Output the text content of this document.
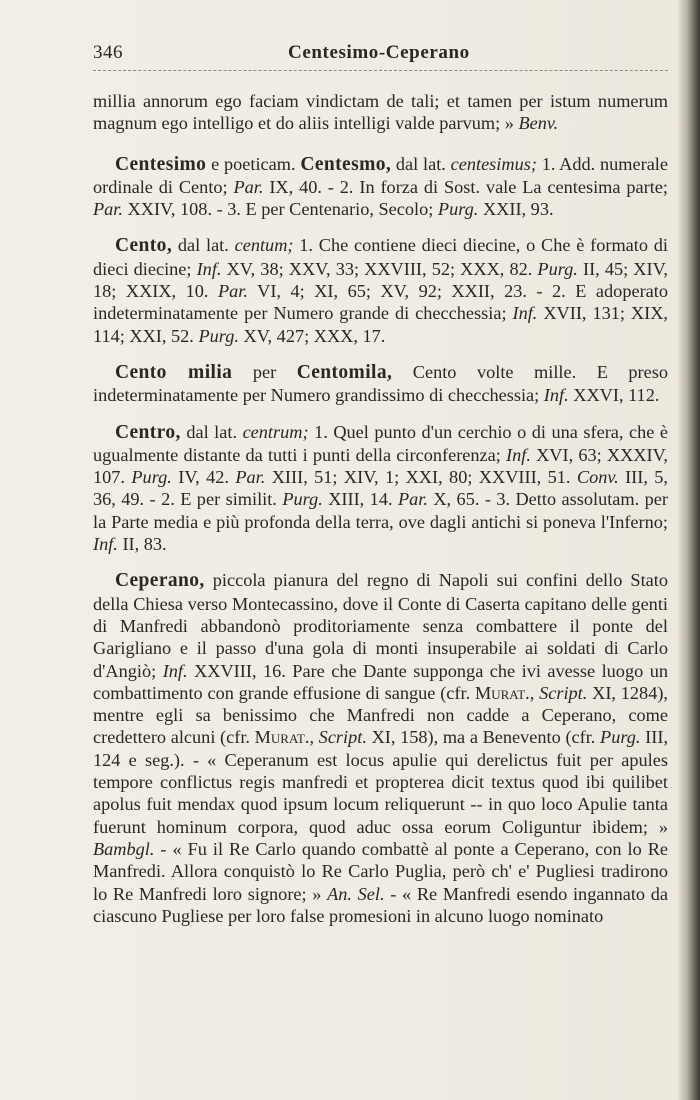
346	Centesimo-Ceperano

millia annorum ego faciam vindictam de tali; et tamen per istum numerum magnum ego intelligo et do aliis intelligi valde parvum; » Benv.

Centesimo e poeticam. Centesmo, dal lat. centesimus; 1. Add. numerale ordinale di Cento; Par. IX, 40. - 2. In forza di Sost. vale La centesima parte; Par. XXIV, 108. - 3. E per Centenario, Secolo; Purg. XXII, 93.

Cento, dal lat. centum; 1. Che contiene dieci diecine, o Che è formato di dieci diecine; Inf. XV, 38; XXV, 33; XXVIII, 52; XXX, 82. Purg. II, 45; XIV, 18; XXIX, 10. Par. VI, 4; XI, 65; XV, 92; XXII, 23. - 2. E adoperato indeterminatamente per Numero grande di checchessia; Inf. XVII, 131; XIX, 114; XXI, 52. Purg. XV, 427; XXX, 17.

Cento milia per Centomila, Cento volte mille. E preso indeterminatamente per Numero grandissimo di checchessia; Inf. XXVI, 112.

Centro, dal lat. centrum; 1. Quel punto d'un cerchio o di una sfera, che è ugualmente distante da tutti i punti della circonferenza; Inf. XVI, 63; XXXIV, 107. Purg. IV, 42. Par. XIII, 51; XIV, 1; XXI, 80; XXVIII, 51. Conv. III, 5, 36, 49. - 2. E per similit. Purg. XIII, 14. Par. X, 65. - 3. Detto assolutam. per la Parte media e più profonda della terra, ove dagli antichi si poneva l'Inferno; Inf. II, 83.

Ceperano, piccola pianura del regno di Napoli sui confini dello Stato della Chiesa verso Montecassino, dove il Conte di Caserta capitano delle genti di Manfredi abbandonò proditoriamente senza combattere il ponte del Garigliano e il passo d'una gola di monti insuperabile ai soldati di Carlo d'Angiò; Inf. XXVIII, 16. Pare che Dante supponga che ivi avesse luogo un combattimento con grande effusione di sangue (cfr. Murat., Script. XI, 1284), mentre egli sa benissimo che Manfredi non cadde a Ceperano, come credettero alcuni (cfr. Murat., Script. XI, 158), ma a Benevento (cfr. Purg. III, 124 e seg.). - « Ceperanum est locus apulie qui derelictus fuit per apules tempore conflictus regis manfredi et propterea dicit textus quod ibi quilibet apolus fuit mendax quod ipsum locum reliquerunt -- in quo loco Apulie tanta fuerunt hominum corpora, quod aduc ossa eorum Coliguntur ibidem; » Bambgl. - « Fu il Re Carlo quando combattè al ponte a Ceperano, con lo Re Manfredi. Allora conquistò lo Re Carlo Puglia, però ch' e' Pugliesi tradirono lo Re Manfredi loro signore; » An. Sel. - « Re Manfredi esendo ingannato da ciascuno Pugliese per loro false promesioni in alcuno luogo nominato
